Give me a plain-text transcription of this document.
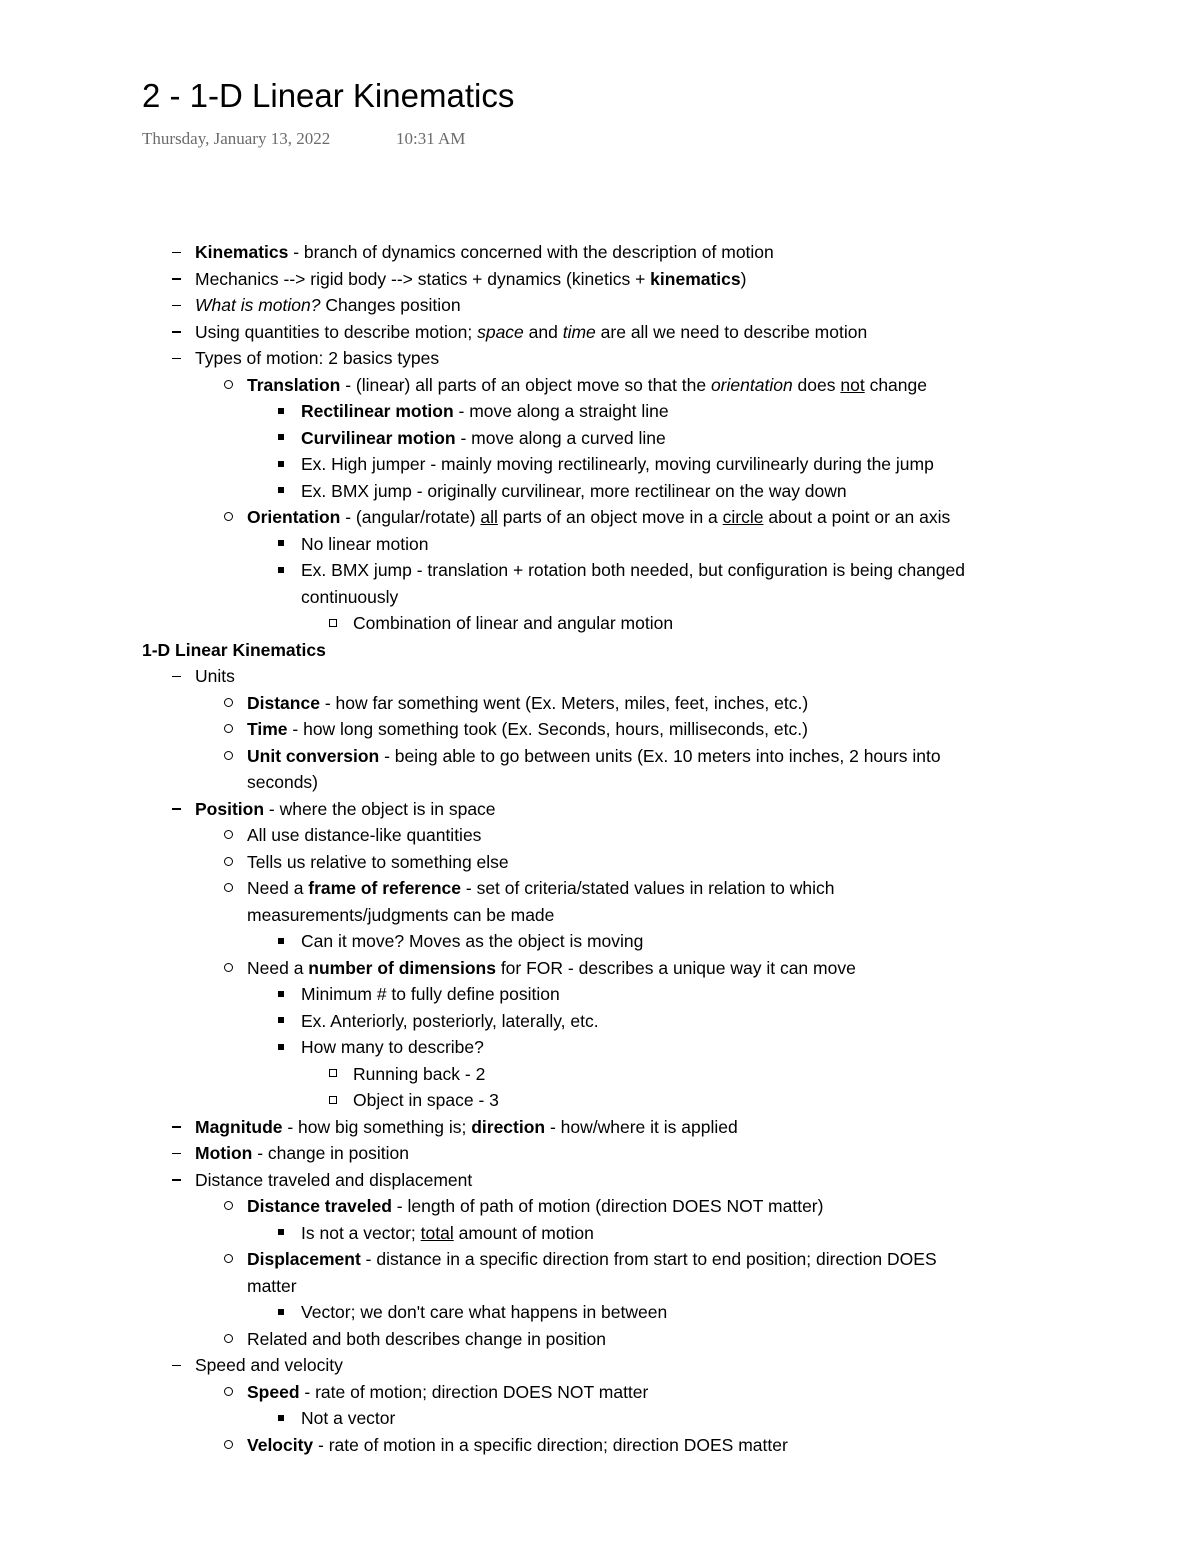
2 - 1-D Linear Kinematics
Thursday, January 13, 2022	10:31 AM
Kinematics - branch of dynamics concerned with the description of motion
Mechanics --> rigid body --> statics + dynamics (kinetics + kinematics)
What is motion? Changes position
Using quantities to describe motion; space and time are all we need to describe motion
Types of motion: 2 basics types
Translation - (linear) all parts of an object move so that the orientation does not change
Rectilinear motion - move along a straight line
Curvilinear motion - move along a curved line
Ex. High jumper - mainly moving rectilinearly, moving curvilinearly during the jump
Ex. BMX jump - originally curvilinear, more rectilinear on the way down
Orientation - (angular/rotate) all parts of an object move in a circle about a point or an axis
No linear motion
Ex. BMX jump - translation + rotation both needed, but configuration is being changed
continuously
Combination of linear and angular motion
1-D Linear Kinematics
Units
Distance - how far something went (Ex. Meters, miles, feet, inches, etc.)
Time - how long something took (Ex. Seconds, hours, milliseconds, etc.)
Unit conversion - being able to go between units (Ex. 10 meters into inches, 2 hours into
seconds)
Position - where the object is in space
All use distance-like quantities
Tells us relative to something else
Need a frame of reference - set of criteria/stated values in relation to which
measurements/judgments can be made
Can it move? Moves as the object is moving
Need a number of dimensions for FOR - describes a unique way it can move
Minimum # to fully define position
Ex. Anteriorly, posteriorly, laterally, etc.
How many to describe?
Running back - 2
Object in space - 3
Magnitude - how big something is; direction - how/where it is applied
Motion - change in position
Distance traveled and displacement
Distance traveled - length of path of motion (direction DOES NOT matter)
Is not a vector; total amount of motion
Displacement - distance in a specific direction from start to end position; direction DOES
matter
Vector; we don't care what happens in between
Related and both describes change in position
Speed and velocity
Speed - rate of motion; direction DOES NOT matter
Not a vector
Velocity - rate of motion in a specific direction; direction DOES matter
